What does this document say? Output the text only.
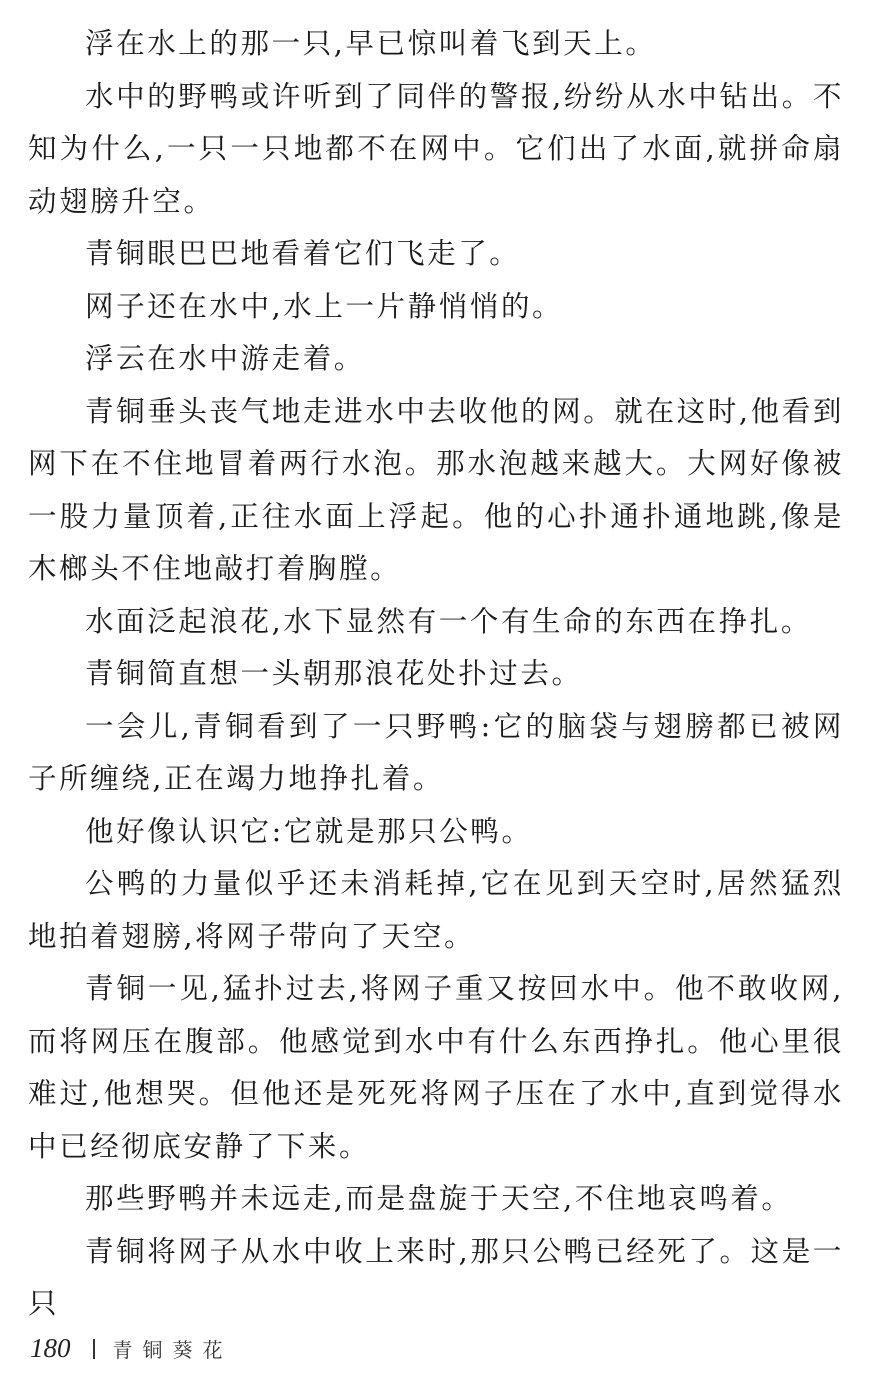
浮在水上的那一只,早已惊叫着飞到天上。

水中的野鸭或许听到了同伴的警报,纷纷从水中钻出。不知为什么,一只一只地都不在网中。它们出了水面,就拼命扇动翅膀升空。

青铜眼巴巴地看着它们飞走了。

网子还在水中,水上一片静悄悄的。

浮云在水中游走着。

青铜垂头丧气地走进水中去收他的网。就在这时,他看到网下在不住地冒着两行水泡。那水泡越来越大。大网好像被一股力量顶着,正往水面上浮起。他的心扑通扑通地跳,像是木榔头不住地敲打着胸膛。

水面泛起浪花,水下显然有一个有生命的东西在挣扎。

青铜简直想一头朝那浪花处扑过去。

一会儿,青铜看到了一只野鸭:它的脑袋与翅膀都已被网子所缠绕,正在竭力地挣扎着。

他好像认识它:它就是那只公鸭。

公鸭的力量似乎还未消耗掉,它在见到天空时,居然猛烈地拍着翅膀,将网子带向了天空。

青铜一见,猛扑过去,将网子重又按回水中。他不敢收网,而将网压在腹部。他感觉到水中有什么东西挣扎。他心里很难过,他想哭。但他还是死死将网子压在了水中,直到觉得水中已经彻底安静了下来。

那些野鸭并未远走,而是盘旋于天空,不住地哀鸣着。

青铜将网子从水中收上来时,那只公鸭已经死了。这是一只

180 青铜葵花
